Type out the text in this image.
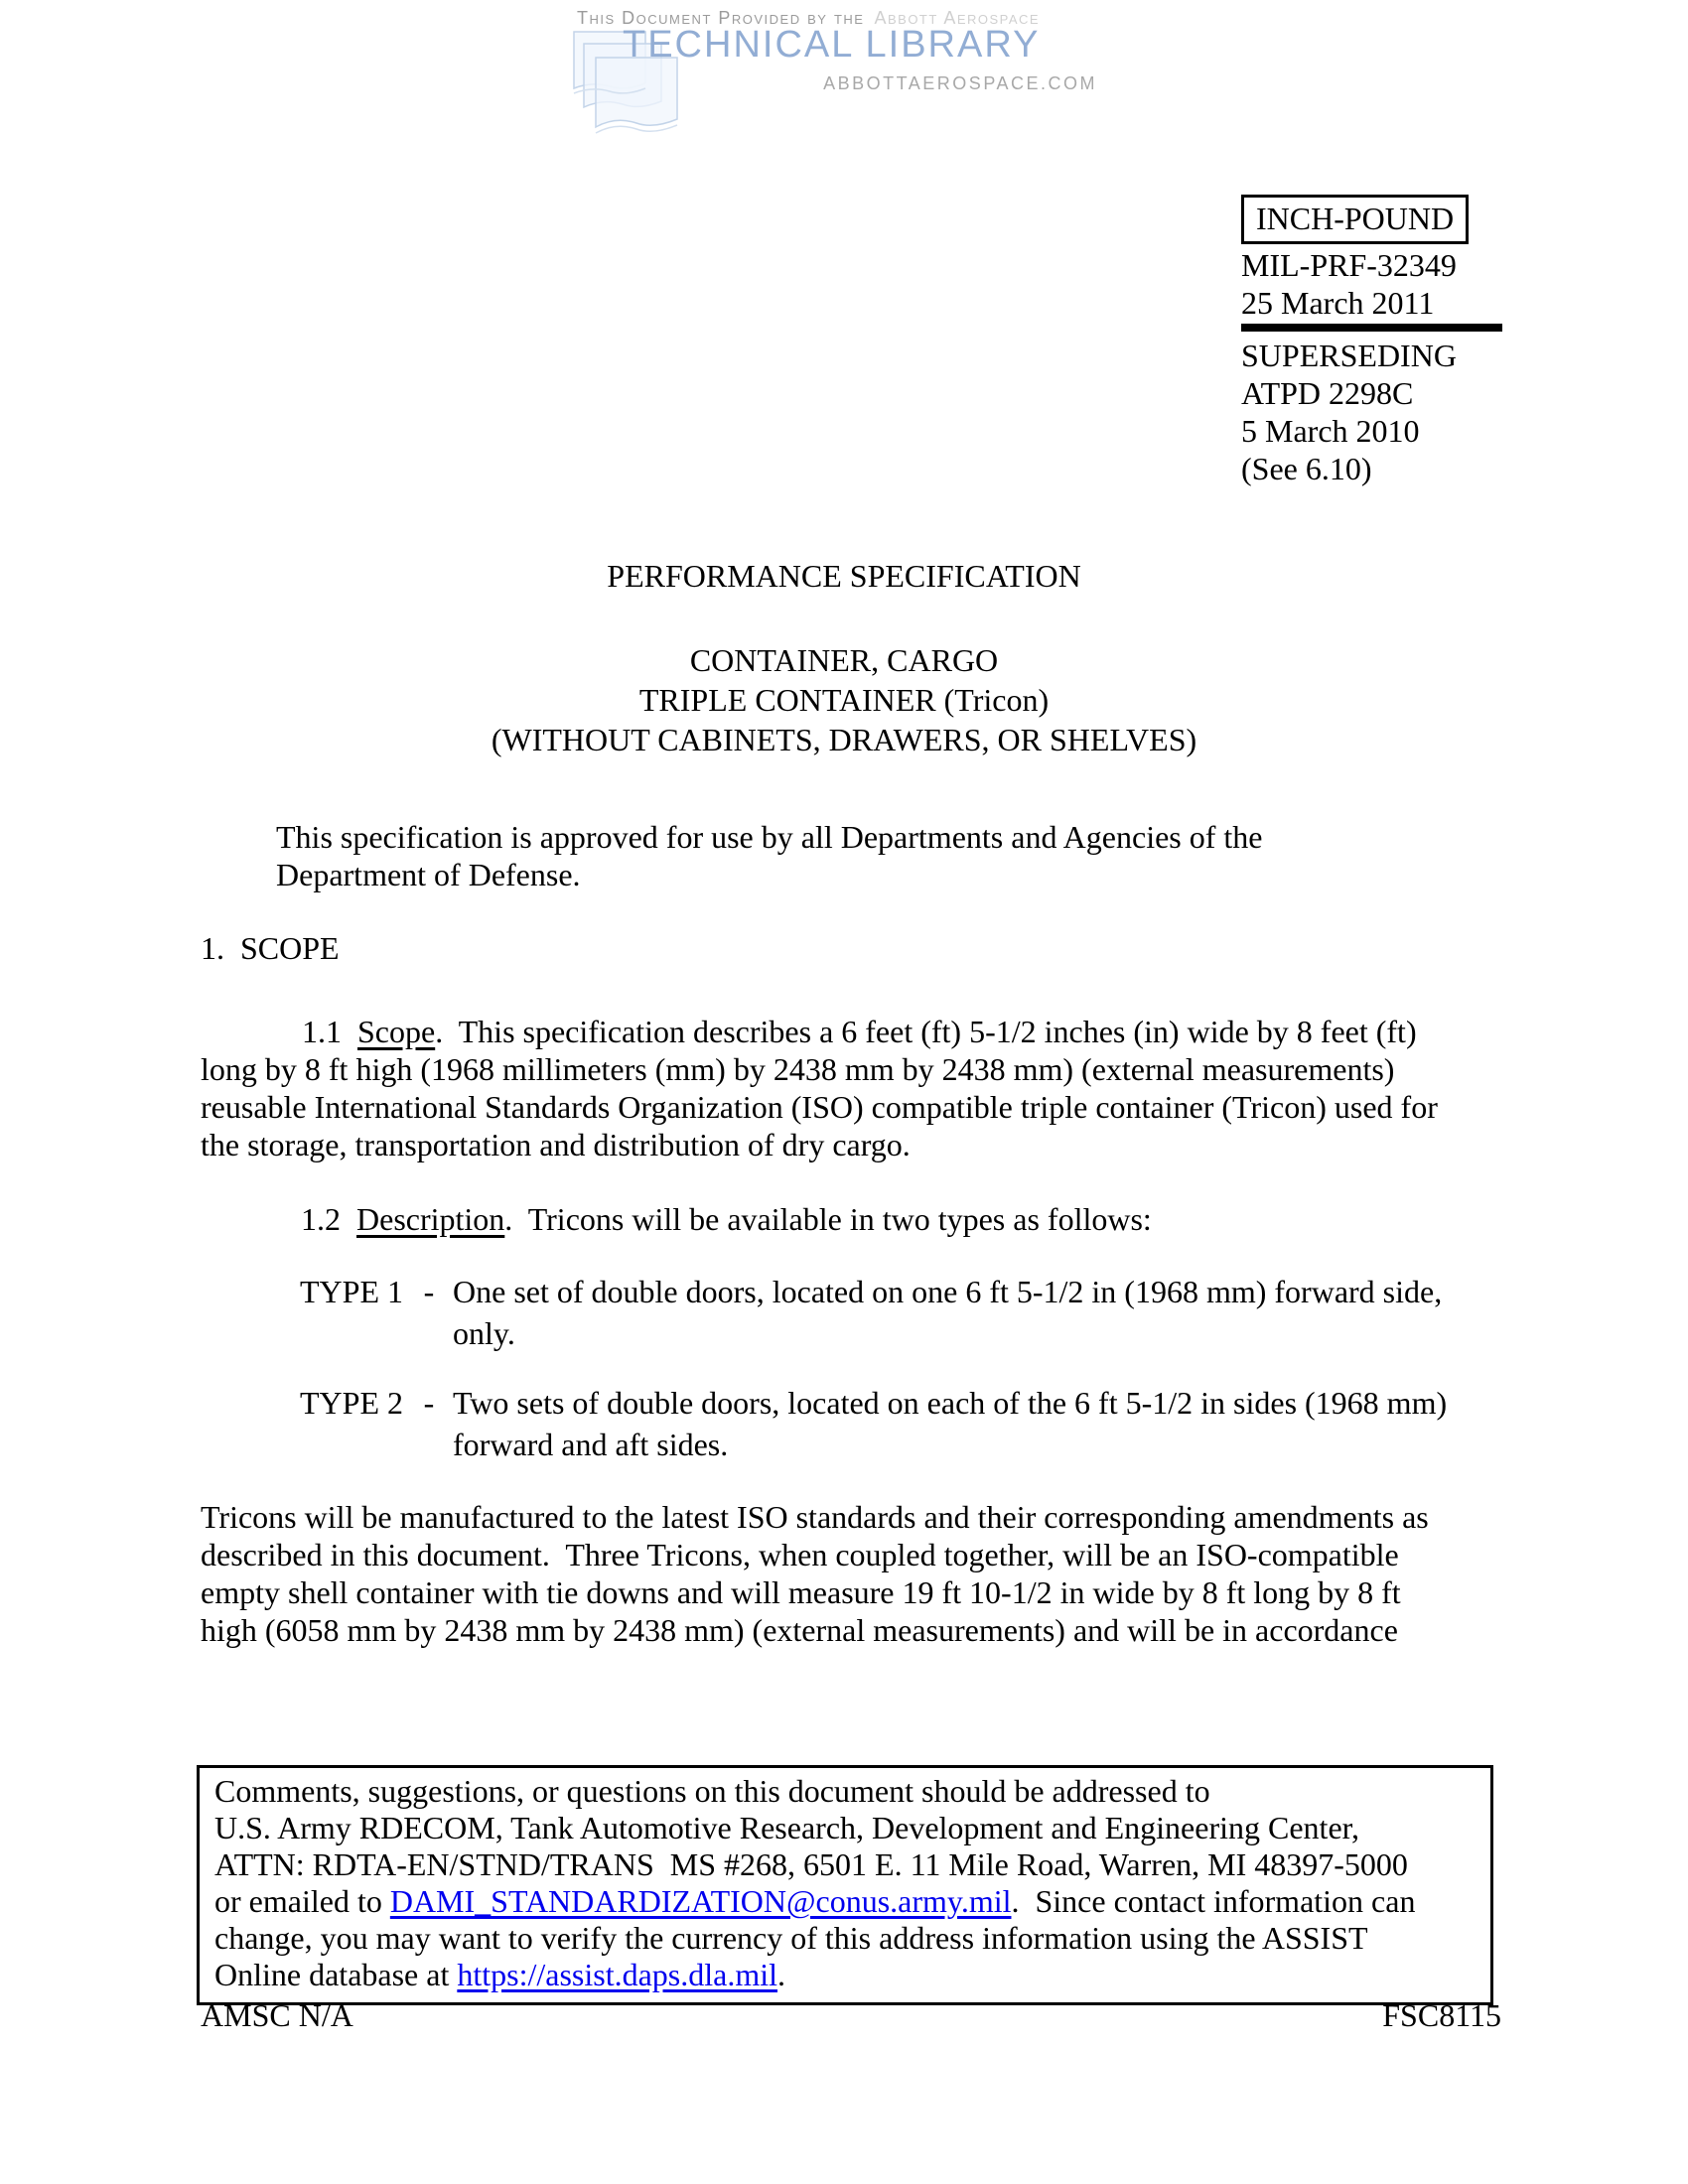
This Document Provided by the Abbott Aerospace
TECHNICAL LIBRARY
ABBOTTAEROSPACE.COM
INCH-POUND
MIL-PRF-32349
25 March 2011
SUPERSEDING
ATPD 2298C
5 March 2010
(See 6.10)
PERFORMANCE SPECIFICATION
CONTAINER, CARGO
TRIPLE CONTAINER (Tricon)
(WITHOUT CABINETS, DRAWERS, OR SHELVES)
This specification is approved for use by all Departments and Agencies of the
Department of Defense.
1.  SCOPE
1.1  Scope.  This specification describes a 6 feet (ft) 5-1/2 inches (in) wide by 8 feet (ft)
long by 8 ft high (1968 millimeters (mm) by 2438 mm by 2438 mm) (external measurements)
reusable International Standards Organization (ISO) compatible triple container (Tricon) used for
the storage, transportation and distribution of dry cargo.
1.2  Description.  Tricons will be available in two types as follows:
TYPE 1 - One set of double doors, located on one 6 ft 5-1/2 in (1968 mm) forward side,
only.
TYPE 2 - Two sets of double doors, located on each of the 6 ft 5-1/2 in sides (1968 mm)
forward and aft sides.
Tricons will be manufactured to the latest ISO standards and their corresponding amendments as
described in this document.  Three Tricons, when coupled together, will be an ISO-compatible
empty shell container with tie downs and will measure 19 ft 10-1/2 in wide by 8 ft long by 8 ft
high (6058 mm by 2438 mm by 2438 mm) (external measurements) and will be in accordance
Comments, suggestions, or questions on this document should be addressed to
U.S. Army RDECOM, Tank Automotive Research, Development and Engineering Center,
ATTN: RDTA-EN/STND/TRANS  MS #268, 6501 E. 11 Mile Road, Warren, MI 48397-5000
or emailed to DAMI_STANDARDIZATION@conus.army.mil.  Since contact information can
change, you may want to verify the currency of this address information using the ASSIST
Online database at https://assist.daps.dla.mil.
AMSC N/A	FSC8115
